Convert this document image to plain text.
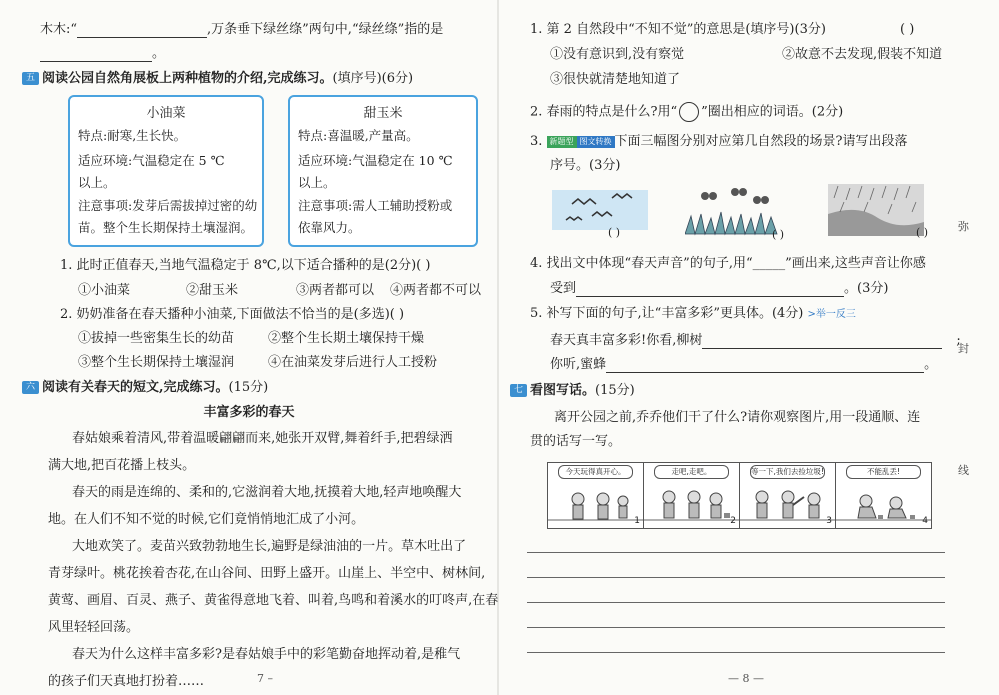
木木:“	,万条垂下绿丝绦”两句中,“绿丝绦”指的是
。
五 阅读公园自然角展板上两种植物的介绍,完成练习。(填序号)(6分)
小油菜
特点:耐寒,生长快。
适应环境:气温稳定在 5 ℃
以上。
注意事项:发芽后需拔掉过密的幼
苗。整个生长期保持土壤湿润。
甜玉米
特点:喜温暖,产量高。
适应环境:气温稳定在 10 ℃
以上。
注意事项:需人工辅助授粉或
依靠风力。
1. 此时正值春天,当地气温稳定于 8℃,以下适合播种的是(2分)( )
①小油菜	②甜玉米	③两者都可以 ④两者都不可以
2. 奶奶准备在春天播种小油菜,下面做法不恰当的是(多选)( )
①拔掉一些密集生长的幼苗	②整个生长期土壤保持干燥
③整个生长期保持土壤湿润	④在油菜发芽后进行人工授粉
六 阅读有关春天的短文,完成练习。(15分)
丰富多彩的春天
春姑娘乘着清风,带着温暖翩翩而来,她张开双臂,舞着纤手,把碧绿洒
满大地,把百花播上枝头。
春天的雨是连绵的、柔和的,它滋润着大地,抚摸着大地,轻声地唤醒大
地。在人们不知不觉的时候,它们竟悄悄地汇成了小河。
大地欢笑了。麦苗兴致勃勃地生长,遍野是绿油油的一片。草木吐出了
青芽绿叶。桃花挨着杏花,在山谷间、田野上盛开。山崖上、半空中、树林间,
黄莺、画眉、百灵、燕子、黄雀得意地飞着、叫着,鸟鸣和着溪水的叮咚声,在春
风里轻轻回荡。
春天为什么这样丰富多彩?是春姑娘手中的彩笔勤奋地挥动着,是稚气
的孩子们天真地打扮着……	7 –
1. 第 2 自然段中“不知不觉”的意思是(填序号)(3分)	( )
①没有意识到,没有察觉	②故意不去发现,假装不知道
③很快就清楚地知道了
2. 春雨的特点是什么?用“ ”圈出相应的词语。(2分)
3. 新题型 图文转换 下面三幅图分别对应第几自然段的场景?请写出段落
序号。(3分)
( )	( )	( )
4. 找出文中体现“春天声音”的句子,用“_____”画出来,这些声音让你感
受到	。(3分)
5. 补写下面的句子,让“丰富多彩”更具体。(4分) >举一反三
春天真丰富多彩!你看,柳树	;
你听,蜜蜂	。
七 看图写话。(15分)
离开公园之前,乔乔他们干了什么?请你观察图片,用一段通顺、连
贯的话写一写。
弥
封
线
— 8 —
今天玩得真开心。
1
走吧,走吧。
2
等一下,我们去捡垃圾!
3
不能乱丢!
4
